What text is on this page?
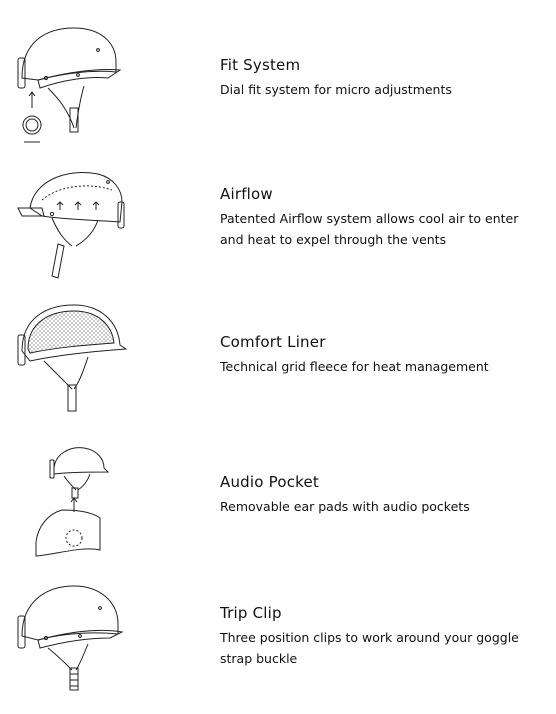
Fit System
Dial fit system for micro adjustments
Airflow
Patented Airflow system allows cool air to enter and heat to expel through the vents
Comfort Liner
Technical grid fleece for heat management
Audio Pocket
Removable ear pads with audio pockets
Trip Clip
Three position clips to work around your goggle strap buckle
